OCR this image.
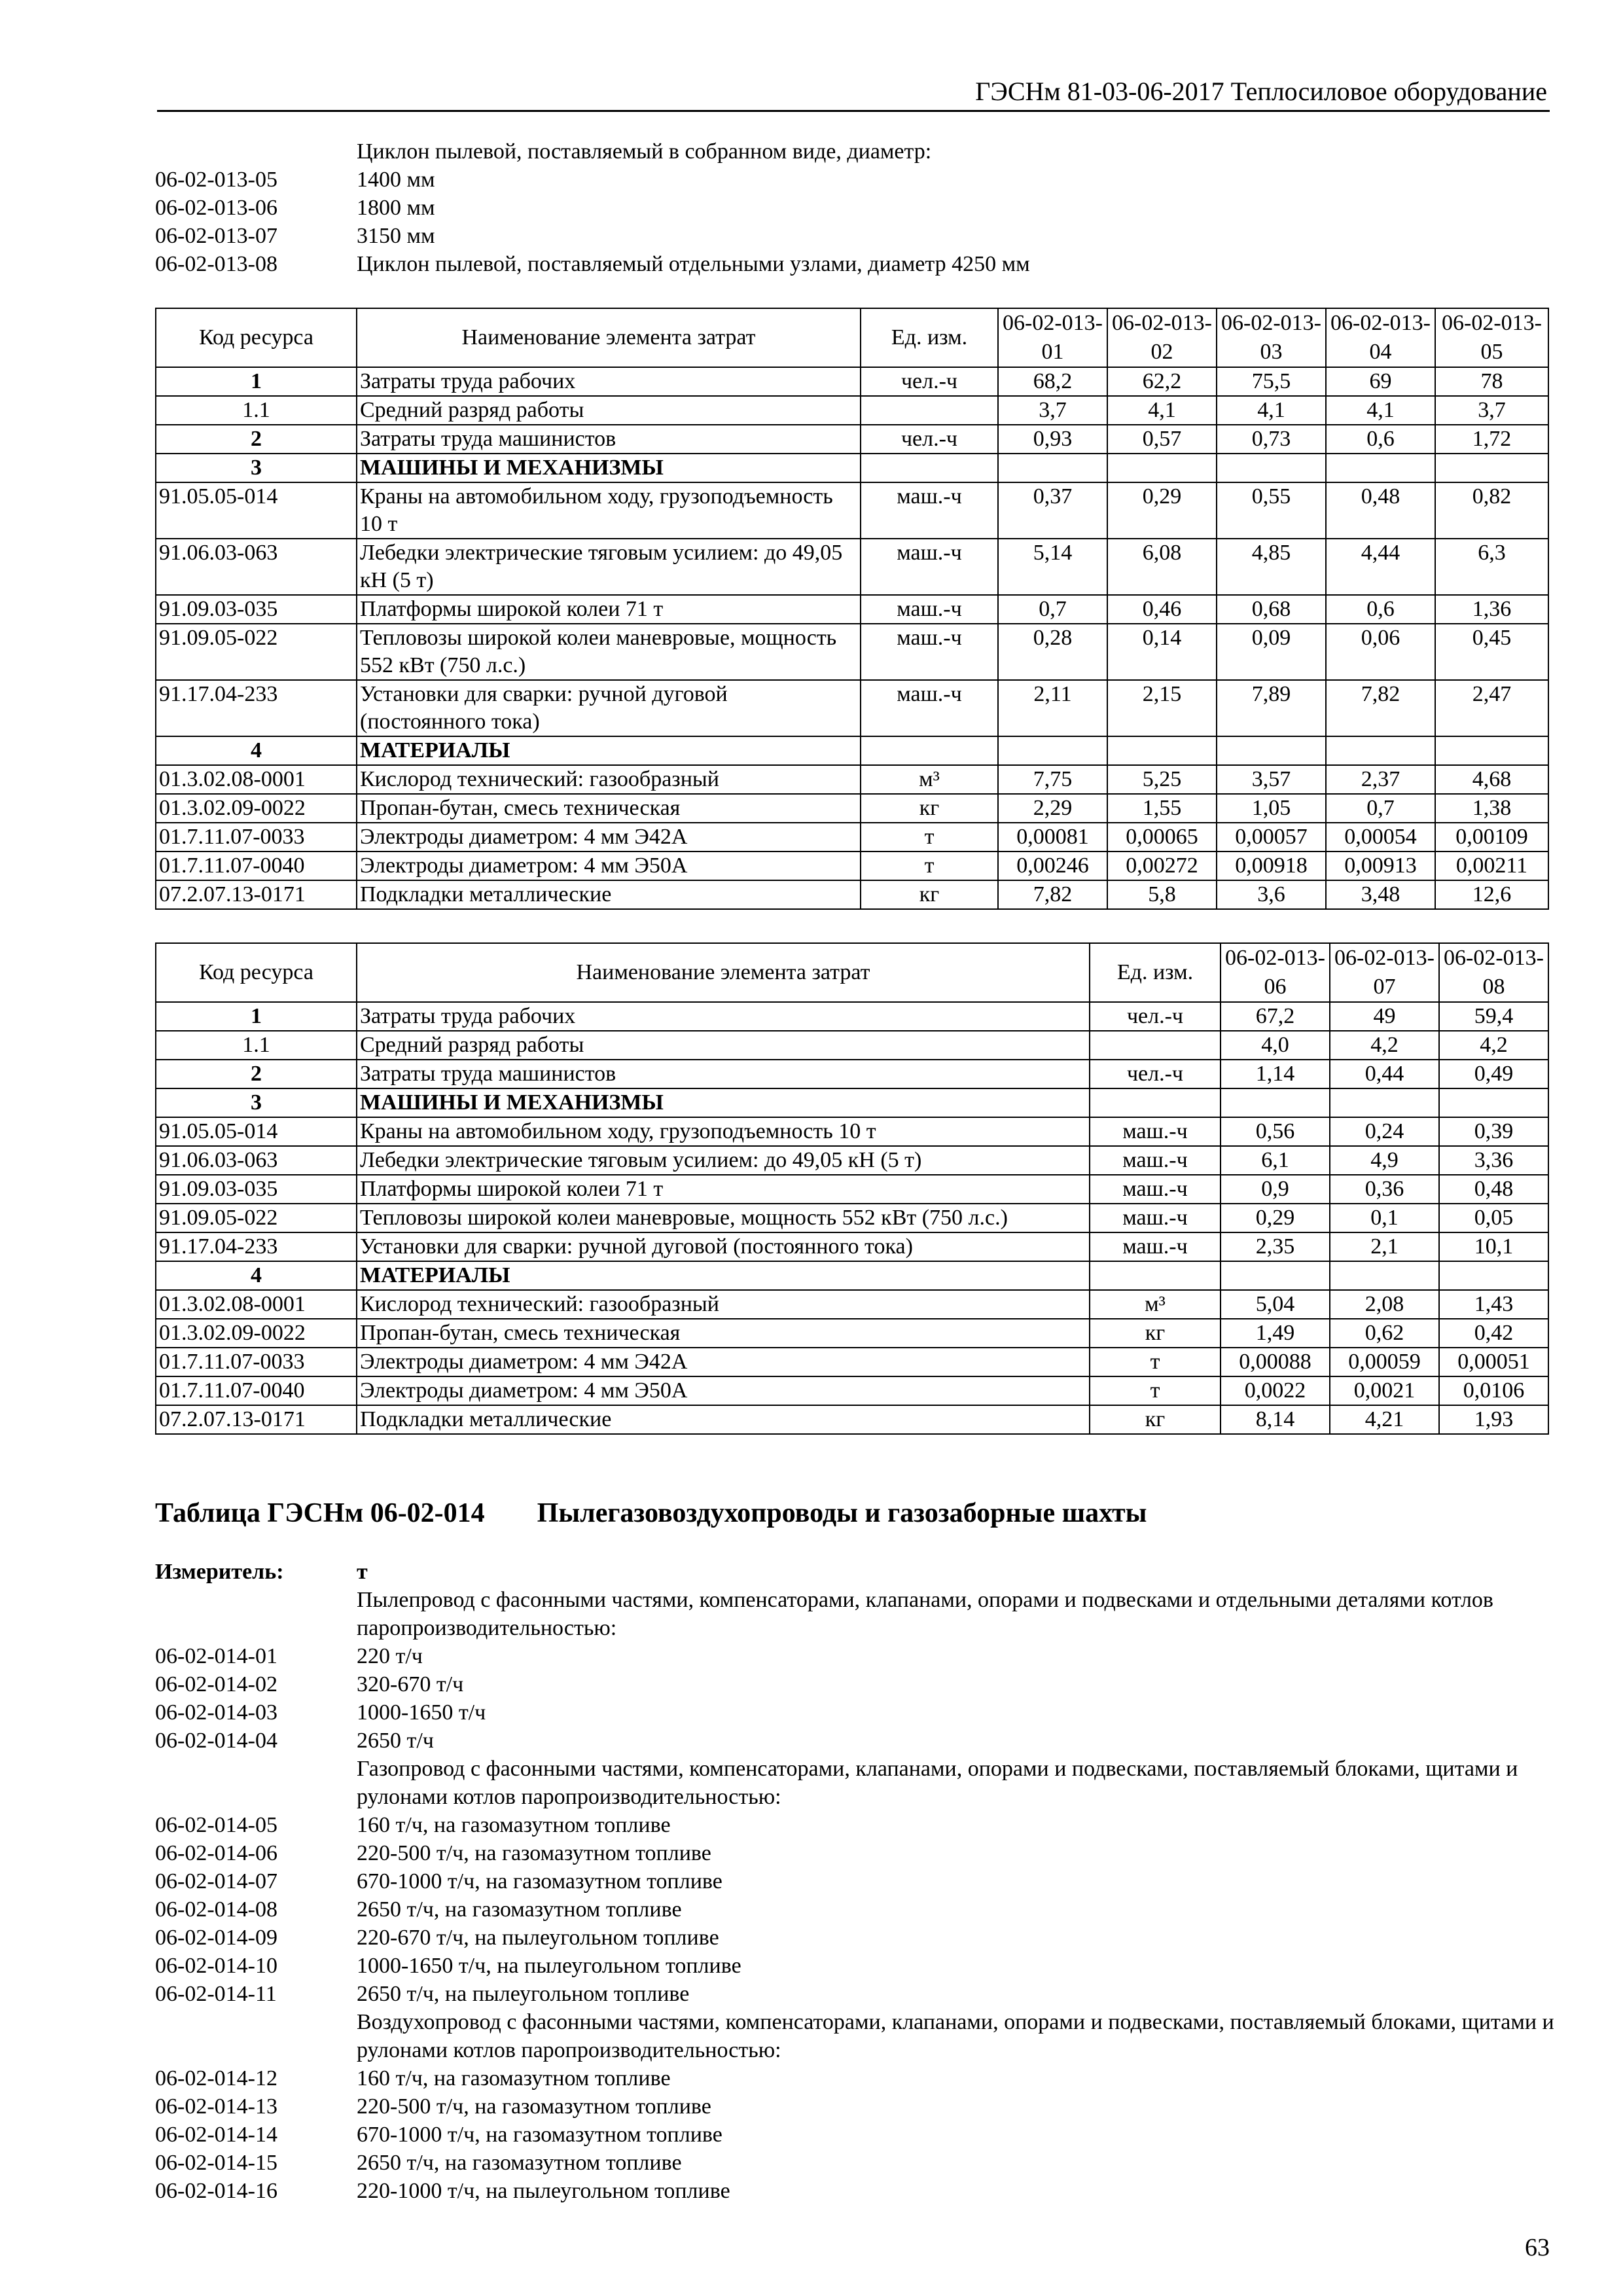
ГЭСНм 81-03-06-2017 Теплосиловое оборудование
Циклон пылевой, поставляемый в собранном виде, диаметр:
06-02-013-05	1400 мм
06-02-013-06	1800 мм
06-02-013-07	3150 мм
06-02-013-08	Циклон пылевой, поставляемый отдельными узлами, диаметр 4250 мм
Код ресурса	Наименование элемента затрат	Ед. изм.	06-02-013-01	06-02-013-02	06-02-013-03	06-02-013-04	06-02-013-05
1	Затраты труда рабочих	чел.-ч	68,2	62,2	75,5	69	78
1.1	Средний разряд работы		3,7	4,1	4,1	4,1	3,7
2	Затраты труда машинистов	чел.-ч	0,93	0,57	0,73	0,6	1,72
3	МАШИНЫ И МЕХАНИЗМЫ						
91.05.05-014	Краны на автомобильном ходу, грузоподъемность 10 т	маш.-ч	0,37	0,29	0,55	0,48	0,82
91.06.03-063	Лебедки электрические тяговым усилием: до 49,05 кН (5 т)	маш.-ч	5,14	6,08	4,85	4,44	6,3
91.09.03-035	Платформы широкой колеи 71 т	маш.-ч	0,7	0,46	0,68	0,6	1,36
91.09.05-022	Тепловозы широкой колеи маневровые, мощность 552 кВт (750 л.с.)	маш.-ч	0,28	0,14	0,09	0,06	0,45
91.17.04-233	Установки для сварки: ручной дуговой (постоянного тока)	маш.-ч	2,11	2,15	7,89	7,82	2,47
4	МАТЕРИАЛЫ						
01.3.02.08-0001	Кислород технический: газообразный	м³	7,75	5,25	3,57	2,37	4,68
01.3.02.09-0022	Пропан-бутан, смесь техническая	кг	2,29	1,55	1,05	0,7	1,38
01.7.11.07-0033	Электроды диаметром: 4 мм Э42А	т	0,00081	0,00065	0,00057	0,00054	0,00109
01.7.11.07-0040	Электроды диаметром: 4 мм Э50А	т	0,00246	0,00272	0,00918	0,00913	0,00211
07.2.07.13-0171	Подкладки металлические	кг	7,82	5,8	3,6	3,48	12,6
Код ресурса	Наименование элемента затрат	Ед. изм.	06-02-013-06	06-02-013-07	06-02-013-08
1	Затраты труда рабочих	чел.-ч	67,2	49	59,4
1.1	Средний разряд работы		4,0	4,2	4,2
2	Затраты труда машинистов	чел.-ч	1,14	0,44	0,49
3	МАШИНЫ И МЕХАНИЗМЫ				
91.05.05-014	Краны на автомобильном ходу, грузоподъемность 10 т	маш.-ч	0,56	0,24	0,39
91.06.03-063	Лебедки электрические тяговым усилием: до 49,05 кН (5 т)	маш.-ч	6,1	4,9	3,36
91.09.03-035	Платформы широкой колеи 71 т	маш.-ч	0,9	0,36	0,48
91.09.05-022	Тепловозы широкой колеи маневровые, мощность 552 кВт (750 л.с.)	маш.-ч	0,29	0,1	0,05
91.17.04-233	Установки для сварки: ручной дуговой (постоянного тока)	маш.-ч	2,35	2,1	10,1
4	МАТЕРИАЛЫ				
01.3.02.08-0001	Кислород технический: газообразный	м³	5,04	2,08	1,43
01.3.02.09-0022	Пропан-бутан, смесь техническая	кг	1,49	0,62	0,42
01.7.11.07-0033	Электроды диаметром: 4 мм Э42А	т	0,00088	0,00059	0,00051
01.7.11.07-0040	Электроды диаметром: 4 мм Э50А	т	0,0022	0,0021	0,0106
07.2.07.13-0171	Подкладки металлические	кг	8,14	4,21	1,93
Таблица ГЭСНм 06-02-014 Пылегазовоздухопроводы и газозаборные шахты
Измеритель:	т
Пылепровод с фасонными частями, компенсаторами, клапанами, опорами и подвесками и отдельными деталями котлов паропроизводительностью:
06-02-014-01	220 т/ч
06-02-014-02	320-670 т/ч
06-02-014-03	1000-1650 т/ч
06-02-014-04	2650 т/ч
Газопровод с фасонными частями, компенсаторами, клапанами, опорами и подвесками, поставляемый блоками, щитами и рулонами котлов паропроизводительностью:
06-02-014-05	160 т/ч, на газомазутном топливе
06-02-014-06	220-500 т/ч, на газомазутном топливе
06-02-014-07	670-1000 т/ч, на газомазутном топливе
06-02-014-08	2650 т/ч, на газомазутном топливе
06-02-014-09	220-670 т/ч, на пылеугольном топливе
06-02-014-10	1000-1650 т/ч, на пылеугольном топливе
06-02-014-11	2650 т/ч, на пылеугольном топливе
Воздухопровод с фасонными частями, компенсаторами, клапанами, опорами и подвесками, поставляемый блоками, щитами и рулонами котлов паропроизводительностью:
06-02-014-12	160 т/ч, на газомазутном топливе
06-02-014-13	220-500 т/ч, на газомазутном топливе
06-02-014-14	670-1000 т/ч, на газомазутном топливе
06-02-014-15	2650 т/ч, на газомазутном топливе
06-02-014-16	220-1000 т/ч, на пылеугольном топливе
63
